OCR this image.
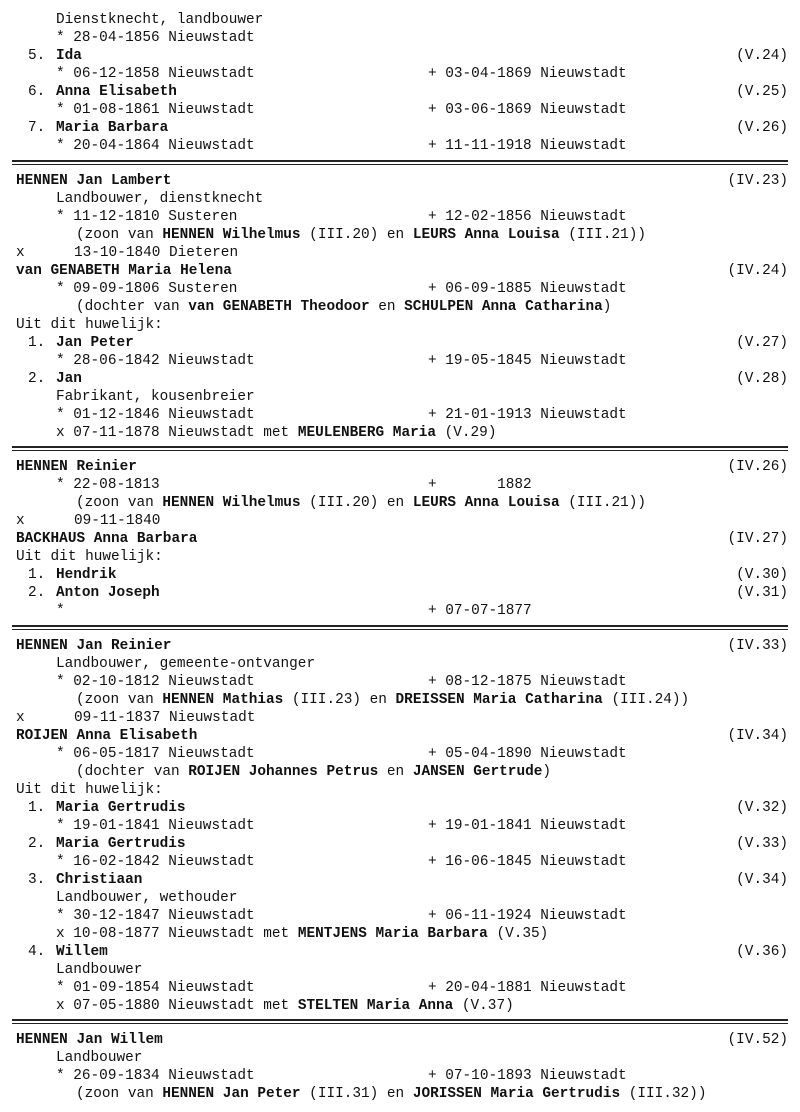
Dienstknecht, landbouwer
* 28-04-1856 Nieuwstadt
5. Ida	(V.24)
* 06-12-1858 Nieuwstadt	+ 03-04-1869 Nieuwstadt
6. Anna Elisabeth	(V.25)
* 01-08-1861 Nieuwstadt	+ 03-06-1869 Nieuwstadt
7. Maria Barbara	(V.26)
* 20-04-1864 Nieuwstadt	+ 11-11-1918 Nieuwstadt
HENNEN Jan Lambert	(IV.23)
Landbouwer, dienstknecht
* 11-12-1810 Susteren	+ 12-02-1856 Nieuwstadt
(zoon van HENNEN Wilhelmus (III.20) en LEURS Anna Louisa (III.21))
x	13-10-1840 Dieteren
van GENABETH Maria Helena	(IV.24)
* 09-09-1806 Susteren	+ 06-09-1885 Nieuwstadt
(dochter van van GENABETH Theodoor en SCHULPEN Anna Catharina)
Uit dit huwelijk:
1. Jan Peter	(V.27)
* 28-06-1842 Nieuwstadt	+ 19-05-1845 Nieuwstadt
2. Jan	(V.28)
Fabrikant, kousenbreier
* 01-12-1846 Nieuwstadt	+ 21-01-1913 Nieuwstadt
x 07-11-1878 Nieuwstadt met MEULENBERG Maria (V.29)
HENNEN Reinier	(IV.26)
* 22-08-1813	+       1882
(zoon van HENNEN Wilhelmus (III.20) en LEURS Anna Louisa (III.21))
x	09-11-1840
BACKHAUS Anna Barbara	(IV.27)
Uit dit huwelijk:
1. Hendrik	(V.30)
2. Anton Joseph	(V.31)
*	+ 07-07-1877
HENNEN Jan Reinier	(IV.33)
Landbouwer, gemeente-ontvanger
* 02-10-1812 Nieuwstadt	+ 08-12-1875 Nieuwstadt
(zoon van HENNEN Mathias (III.23) en DREISSEN Maria Catharina (III.24))
x	09-11-1837 Nieuwstadt
ROIJEN Anna Elisabeth	(IV.34)
* 06-05-1817 Nieuwstadt	+ 05-04-1890 Nieuwstadt
(dochter van ROIJEN Johannes Petrus en JANSEN Gertrude)
Uit dit huwelijk:
1. Maria Gertrudis	(V.32)
* 19-01-1841 Nieuwstadt	+ 19-01-1841 Nieuwstadt
2. Maria Gertrudis	(V.33)
* 16-02-1842 Nieuwstadt	+ 16-06-1845 Nieuwstadt
3. Christiaan	(V.34)
Landbouwer, wethouder
* 30-12-1847 Nieuwstadt	+ 06-11-1924 Nieuwstadt
x 10-08-1877 Nieuwstadt met MENTJENS Maria Barbara (V.35)
4. Willem	(V.36)
Landbouwer
* 01-09-1854 Nieuwstadt	+ 20-04-1881 Nieuwstadt
x 07-05-1880 Nieuwstadt met STELTEN Maria Anna (V.37)
HENNEN Jan Willem	(IV.52)
Landbouwer
* 26-09-1834 Nieuwstadt	+ 07-10-1893 Nieuwstadt
(zoon van HENNEN Jan Peter (III.31) en JORISSEN Maria Gertrudis (III.32))
